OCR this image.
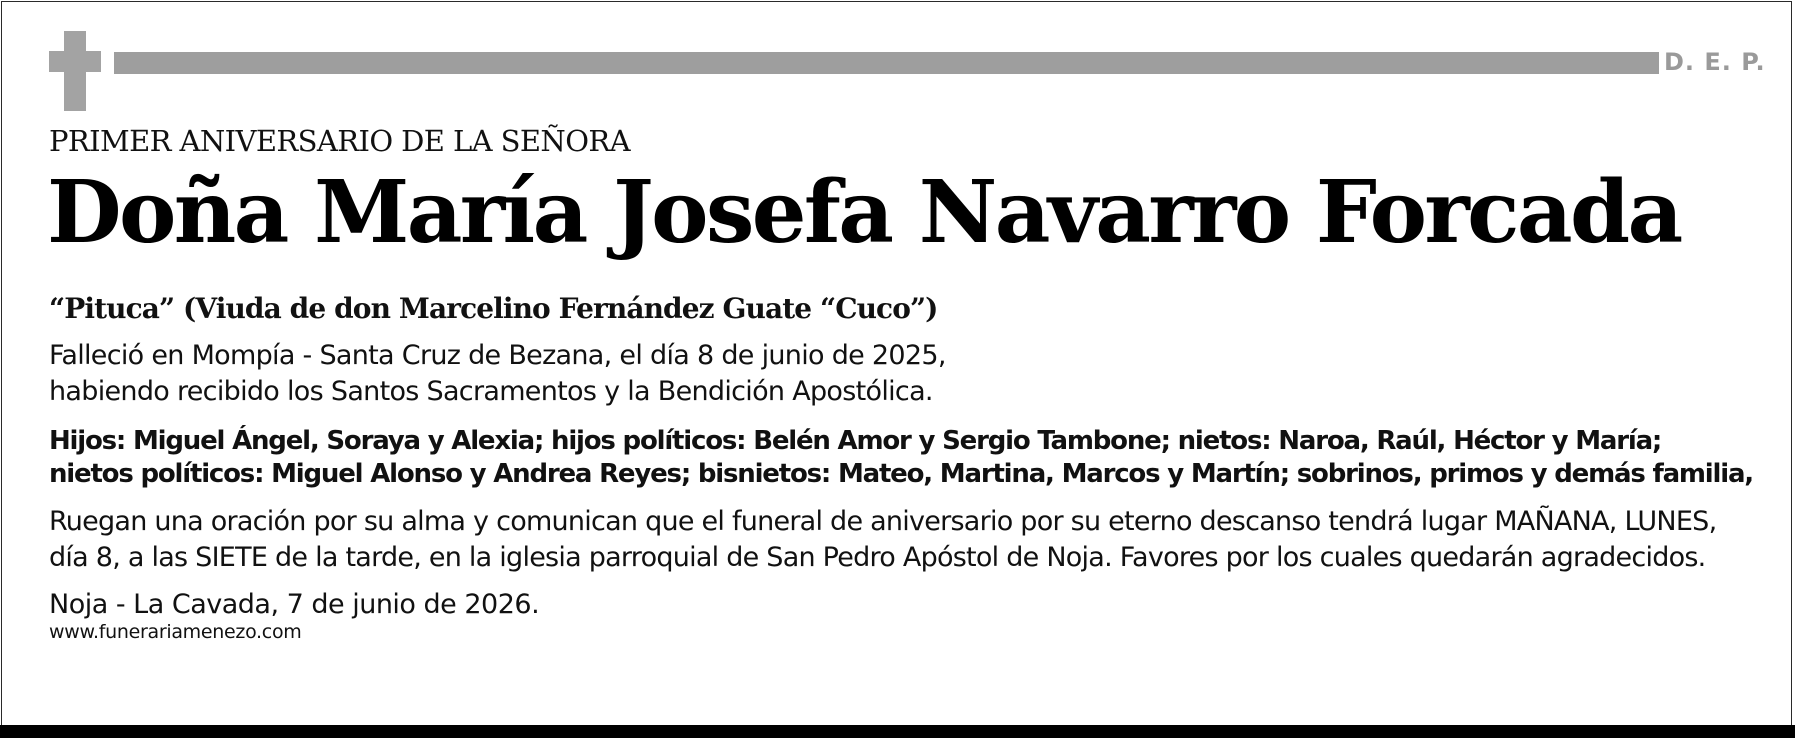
D. E. P.
PRIMER ANIVERSARIO DE LA SEÑORA
Doña María Josefa Navarro Forcada
“Pituca” (Viuda de don Marcelino Fernández Guate “Cuco”)
Falleció en Mompía - Santa Cruz de Bezana, el día 8 de junio de 2025,
habiendo recibido los Santos Sacramentos y la Bendición Apostólica.
Hijos: Miguel Ángel, Soraya y Alexia; hijos políticos: Belén Amor y Sergio Tambone; nietos: Naroa, Raúl, Héctor y María;
nietos políticos: Miguel Alonso y Andrea Reyes; bisnietos: Mateo, Martina, Marcos y Martín; sobrinos, primos y demás familia,
Ruegan una oración por su alma y comunican que el funeral de aniversario por su eterno descanso tendrá lugar MAÑANA, LUNES,
día 8, a las SIETE de la tarde, en la iglesia parroquial de San Pedro Apóstol de Noja. Favores por los cuales quedarán agradecidos.
Noja - La Cavada, 7 de junio de 2026.
www.funerariamenezo.com
